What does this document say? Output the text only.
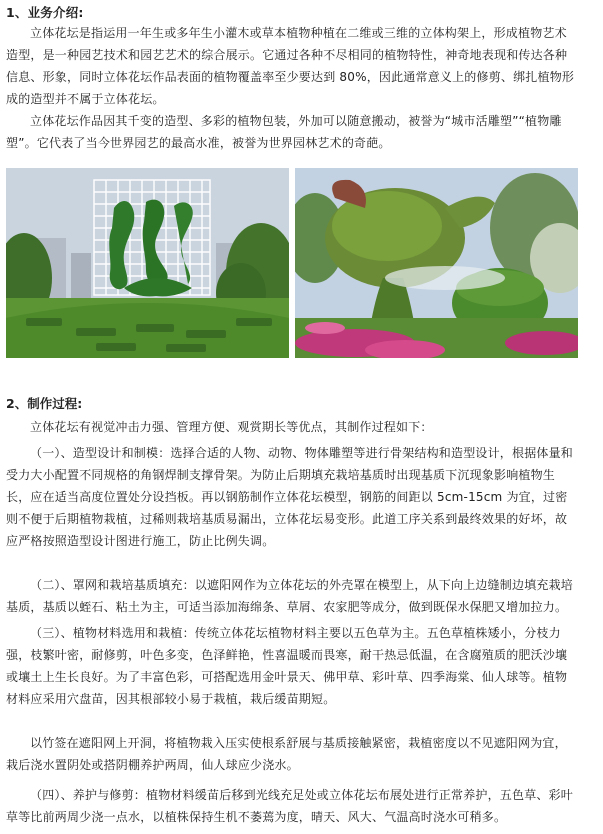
1、业务介绍:

立体花坛是指运用一年生或多年生小灌木或草本植物种植在二维或三维的立体构架上，形成植物艺术造型，是一种园艺技术和园艺艺术的综合展示。它通过各种不尽相同的植物特性，神奇地表现和传达各种信息、形象，同时立体花坛作品表面的植物覆盖率至少要达到 80%，因此通常意义上的修剪、绑扎植物形成的造型并不属于立体花坛。

立体花坛作品因其千变的造型、多彩的植物包装，外加可以随意搬动，被誉为“城市活雕塑”“植物雕塑”。它代表了当今世界园艺的最高水准，被誉为世界园林艺术的奇葩。

2、制作过程:

立体花坛有视觉冲击力强、管理方便、观赏期长等优点，其制作过程如下：

（一）、造型设计和制模：选择合适的人物、动物、物体雕塑等进行骨架结构和造型设计，根据体量和受力大小配置不同规格的角钢焊制支撑骨架。为防止后期填充栽培基质时出现基质下沉现象影响植物生长，应在适当高度位置处分设挡板。再以钢筋制作立体花坛模型，钢筋的间距以 5cm-15cm 为宜，过密则不便于后期植物栽植，过稀则栽培基质易漏出，立体花坛易变形。此道工序关系到最终效果的好坏，故应严格按照造型设计图进行施工，防止比例失调。

（二）、罩网和栽培基质填充：以遮阳网作为立体花坛的外壳罩在模型上，从下向上边缝制边填充栽培基质，基质以蛭石、粘土为主，可适当添加海绵条、草屑、农家肥等成分，做到既保水保肥又增加拉力。

（三）、植物材料选用和栽植：传统立体花坛植物材料主要以五色草为主。五色草植株矮小，分枝力强，枝繁叶密，耐修剪，叶色多变，色泽鲜艳，性喜温暖而畏寒，耐干热忌低温，在含腐殖质的肥沃沙壤或壤土上生长良好。为了丰富色彩，可搭配选用金叶景天、佛甲草、彩叶草、四季海棠、仙人球等。植物材料应采用穴盘苗，因其根部较小易于栽植，栽后缓苗期短。

以竹签在遮阳网上开洞，将植物栽入压实使根系舒展与基质接触紧密，栽植密度以不见遮阳网为宜，栽后浇水置阴处或搭阴棚养护两周，仙人球应少浇水。

（四）、养护与修剪：植物材料缓苗后移到光线充足处或立体花坛布展处进行正常养护，五色草、彩叶草等比前两周少浇一点水，以植株保持生机不萎蔫为度，晴天、风大、气温高时浇水可稍多。
